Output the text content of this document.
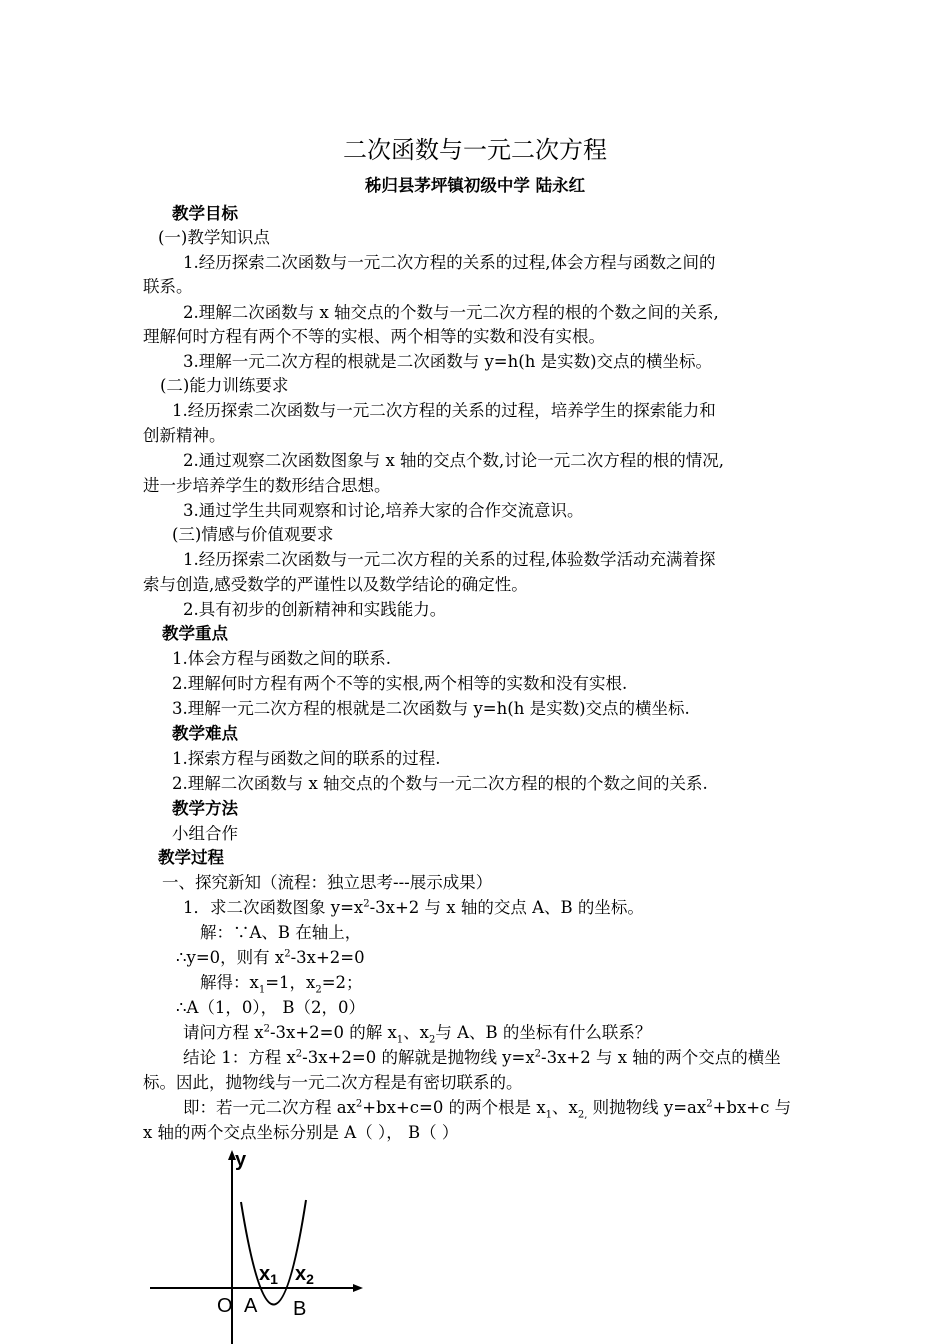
二次函数与一元二次方程
秭归县茅坪镇初级中学 陆永红
教学目标
(一)教学知识点
1.经历探索二次函数与一元二次方程的关系的过程,体会方程与函数之间的
联系。
2.理解二次函数与 x 轴交点的个数与一元二次方程的根的个数之间的关系,
理解何时方程有两个不等的实根、两个相等的实数和没有实根。
3.理解一元二次方程的根就是二次函数与 y=h(h 是实数)交点的横坐标。
(二)能力训练要求
1.经历探索二次函数与一元二次方程的关系的过程，培养学生的探索能力和
创新精神。
2.通过观察二次函数图象与 x 轴的交点个数,讨论一元二次方程的根的情况,
进一步培养学生的数形结合思想。
3.通过学生共同观察和讨论,培养大家的合作交流意识。
(三)情感与价值观要求
1.经历探索二次函数与一元二次方程的关系的过程,体验数学活动充满着探
索与创造,感受数学的严谨性以及数学结论的确定性。
2.具有初步的创新精神和实践能力。
教学重点
1.体会方程与函数之间的联系.
2.理解何时方程有两个不等的实根,两个相等的实数和没有实根.
3.理解一元二次方程的根就是二次函数与 y=h(h 是实数)交点的横坐标.
教学难点
1.探索方程与函数之间的联系的过程.
2.理解二次函数与 x 轴交点的个数与一元二次方程的根的个数之间的关系.
教学方法
小组合作
教学过程
一、探究新知（流程：独立思考---展示成果）
1．求二次函数图象 $y=x^2-3x+2$ 与 x 轴的交点 A、B 的坐标。
解：∵A、B 在轴上，
∴y=0，则有 $x^2-3x+2=0$
解得：$x_1=1$，$x_2=2$；
∴A（1，0）， B（2，0）
请问方程 $x^2-3x+2=0$ 的解 $x_1$、$x_2$与 A、B 的坐标有什么联系？
结论 1：方程 $x^2-3x+2=0$ 的解就是抛物线 $y=x^2-3x+2$ 与 x 轴的两个交点的横坐
标。因此，抛物线与一元二次方程是有密切联系的。
即：若一元二次方程 $ax^2+bx+c=0$ 的两个根是 $x_1$、$x_{2,}$ 则抛物线 $y=ax^2+bx+c$ 与
x 轴的两个交点坐标分别是 A（ ）， B（ ）
y
O A B
$x_1$ $x_2$
